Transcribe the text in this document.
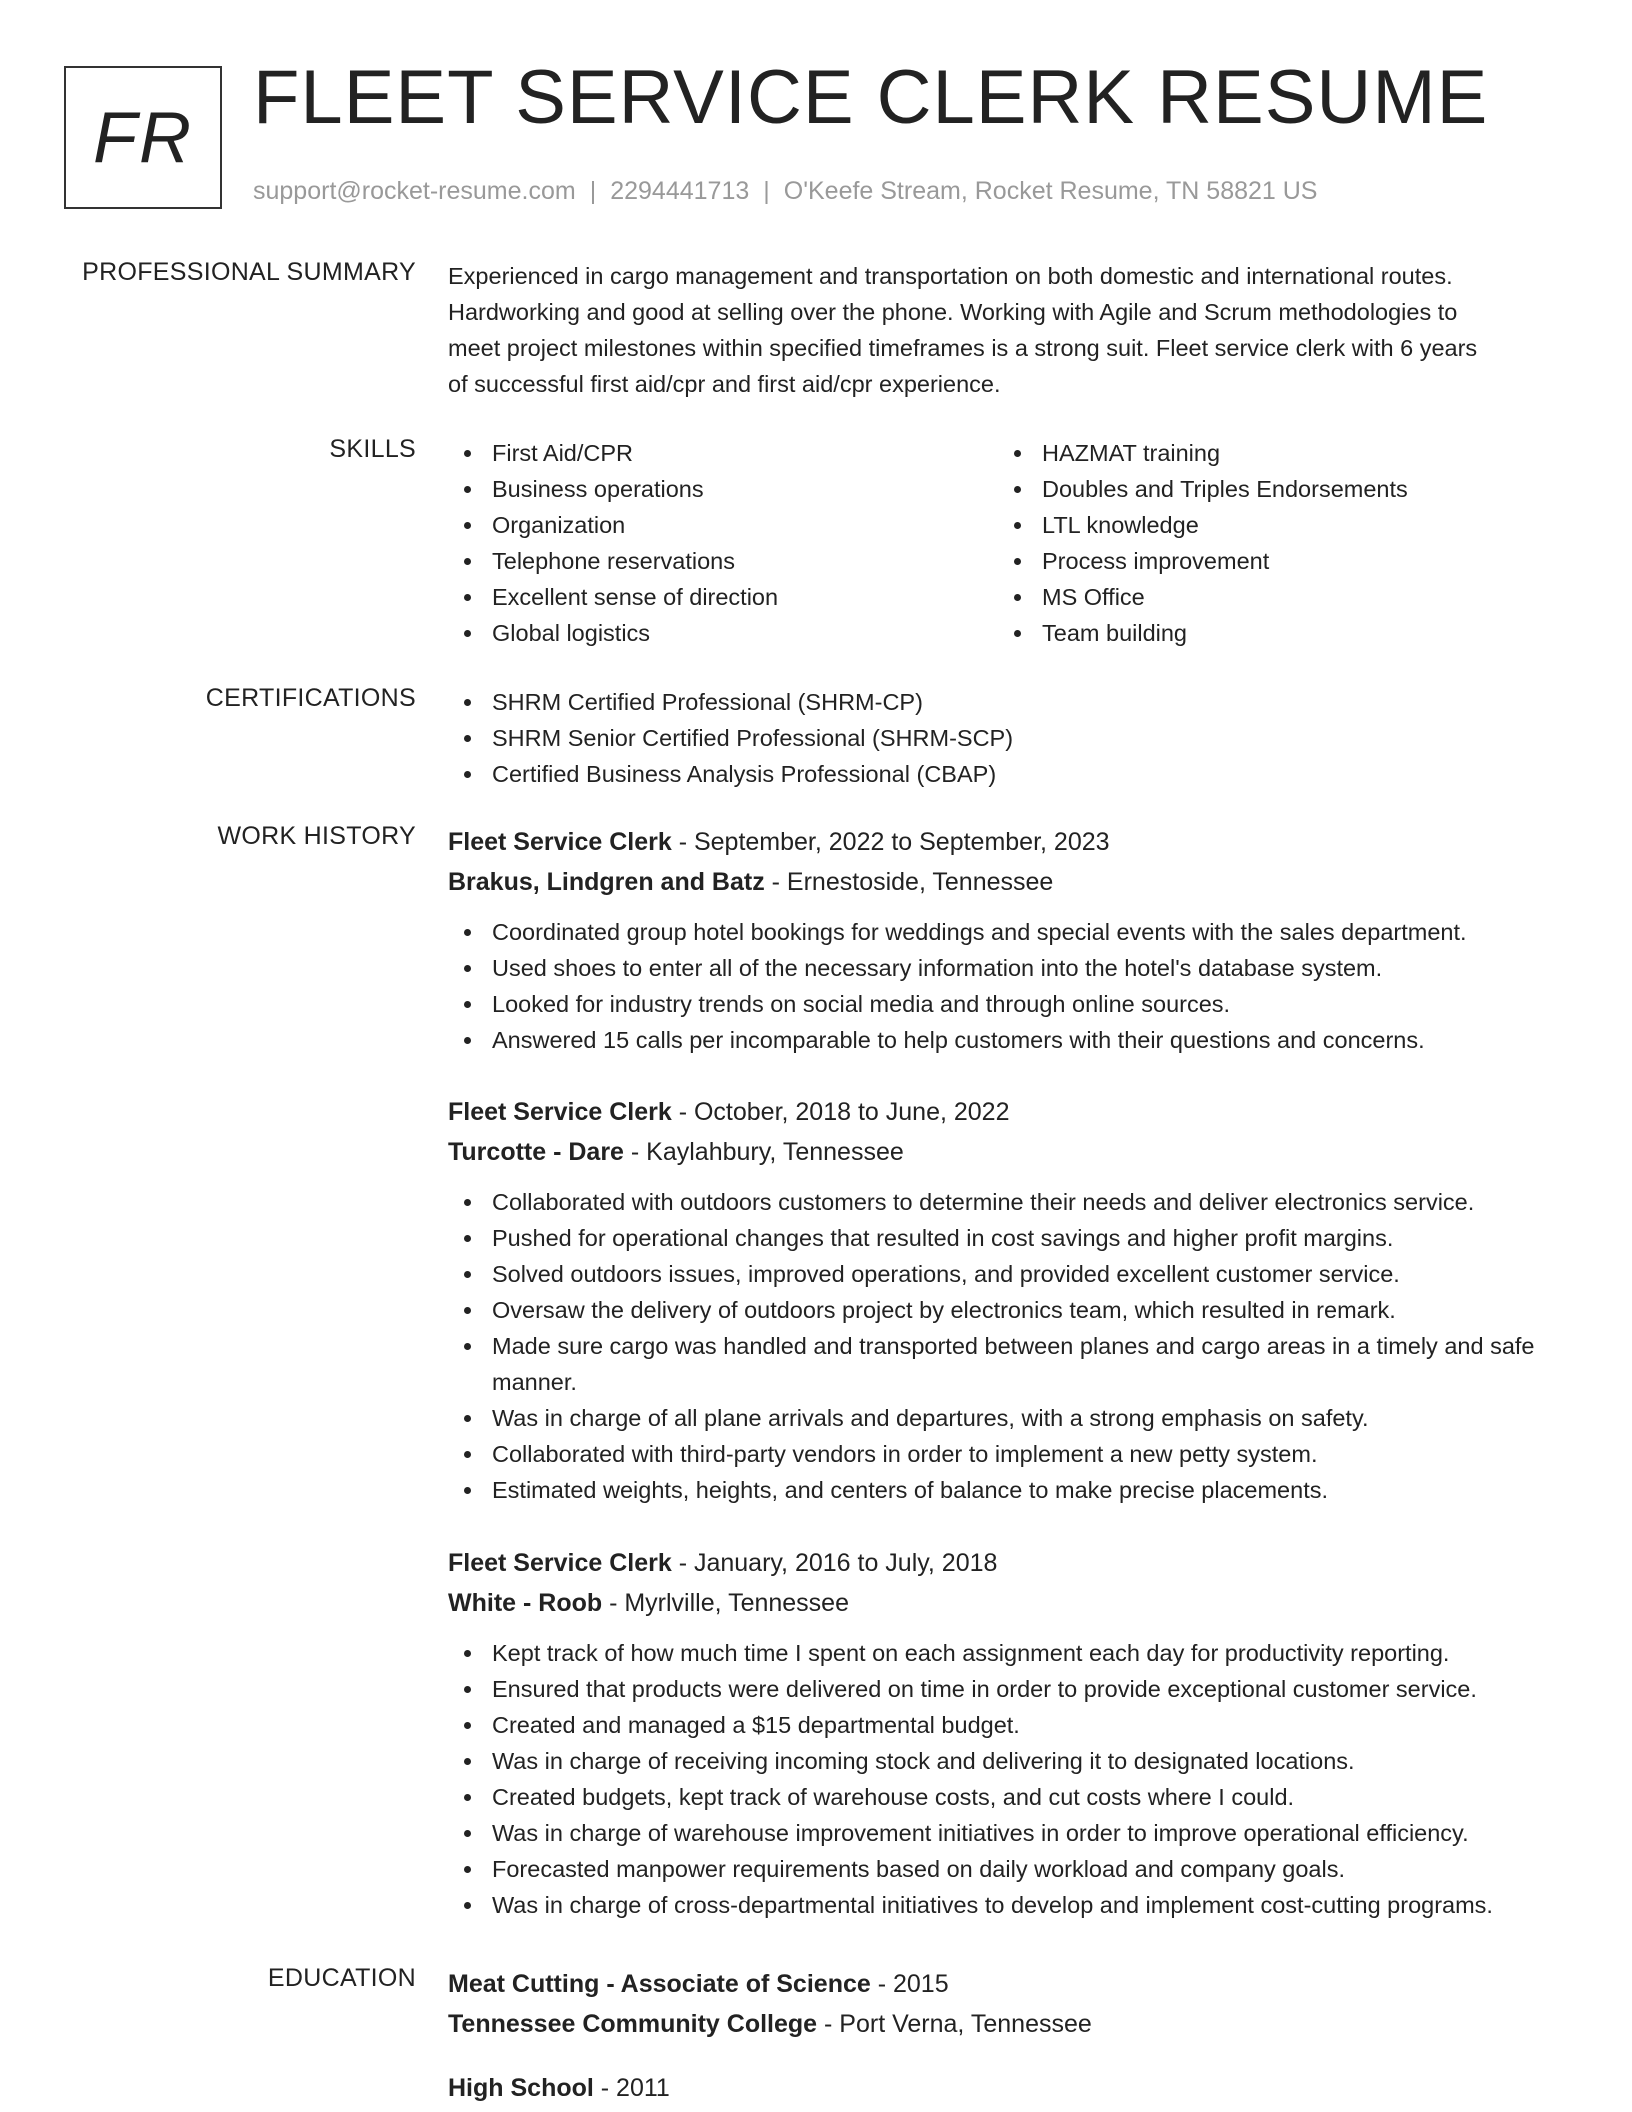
FR FLEET SERVICE CLERK RESUME
support@rocket-resume.com | 2294441713 | O'Keefe Stream, Rocket Resume, TN 58821 US
PROFESSIONAL SUMMARY Experienced in cargo management and transportation on both domestic and international routes.
Hardworking and good at selling over the phone. Working with Agile and Scrum methodologies to
meet project milestones within specified timeframes is a strong suit. Fleet service clerk with 6 years
of successful first aid/cpr and first aid/cpr experience.
SKILLS	First Aid/CPR
Business operations
Organization
Telephone reservations
Excellent sense of direction
Global logistics
HAZMAT training
Doubles and Triples Endorsements
LTL knowledge
Process improvement
MS Office
Team building
CERTIFICATIONS	SHRM Certified Professional (SHRM-CP)
SHRM Senior Certified Professional (SHRM-SCP)
Certified Business Analysis Professional (CBAP)
WORK HISTORY Fleet Service Clerk - September, 2022 to September, 2023
Brakus, Lindgren and Batz - Ernestoside, Tennessee
Coordinated group hotel bookings for weddings and special events with the sales department.
Used shoes to enter all of the necessary information into the hotel's database system.
Looked for industry trends on social media and through online sources.
Answered 15 calls per incomparable to help customers with their questions and concerns.
Fleet Service Clerk - October, 2018 to June, 2022
Turcotte - Dare - Kaylahbury, Tennessee
Collaborated with outdoors customers to determine their needs and deliver electronics service.
Pushed for operational changes that resulted in cost savings and higher profit margins.
Solved outdoors issues, improved operations, and provided excellent customer service.
Oversaw the delivery of outdoors project by electronics team, which resulted in remark.
Made sure cargo was handled and transported between planes and cargo areas in a timely and safe manner.
Was in charge of all plane arrivals and departures, with a strong emphasis on safety.
Collaborated with third-party vendors in order to implement a new petty system.
Estimated weights, heights, and centers of balance to make precise placements.
Fleet Service Clerk - January, 2016 to July, 2018
White - Roob - Myrlville, Tennessee
Kept track of how much time I spent on each assignment each day for productivity reporting.
Ensured that products were delivered on time in order to provide exceptional customer service.
Created and managed a $15 departmental budget.
Was in charge of receiving incoming stock and delivering it to designated locations.
Created budgets, kept track of warehouse costs, and cut costs where I could.
Was in charge of warehouse improvement initiatives in order to improve operational efficiency.
Forecasted manpower requirements based on daily workload and company goals.
Was in charge of cross-departmental initiatives to develop and implement cost-cutting programs.
EDUCATION Meat Cutting - Associate of Science - 2015
Tennessee Community College - Port Verna, Tennessee
High School - 2011
